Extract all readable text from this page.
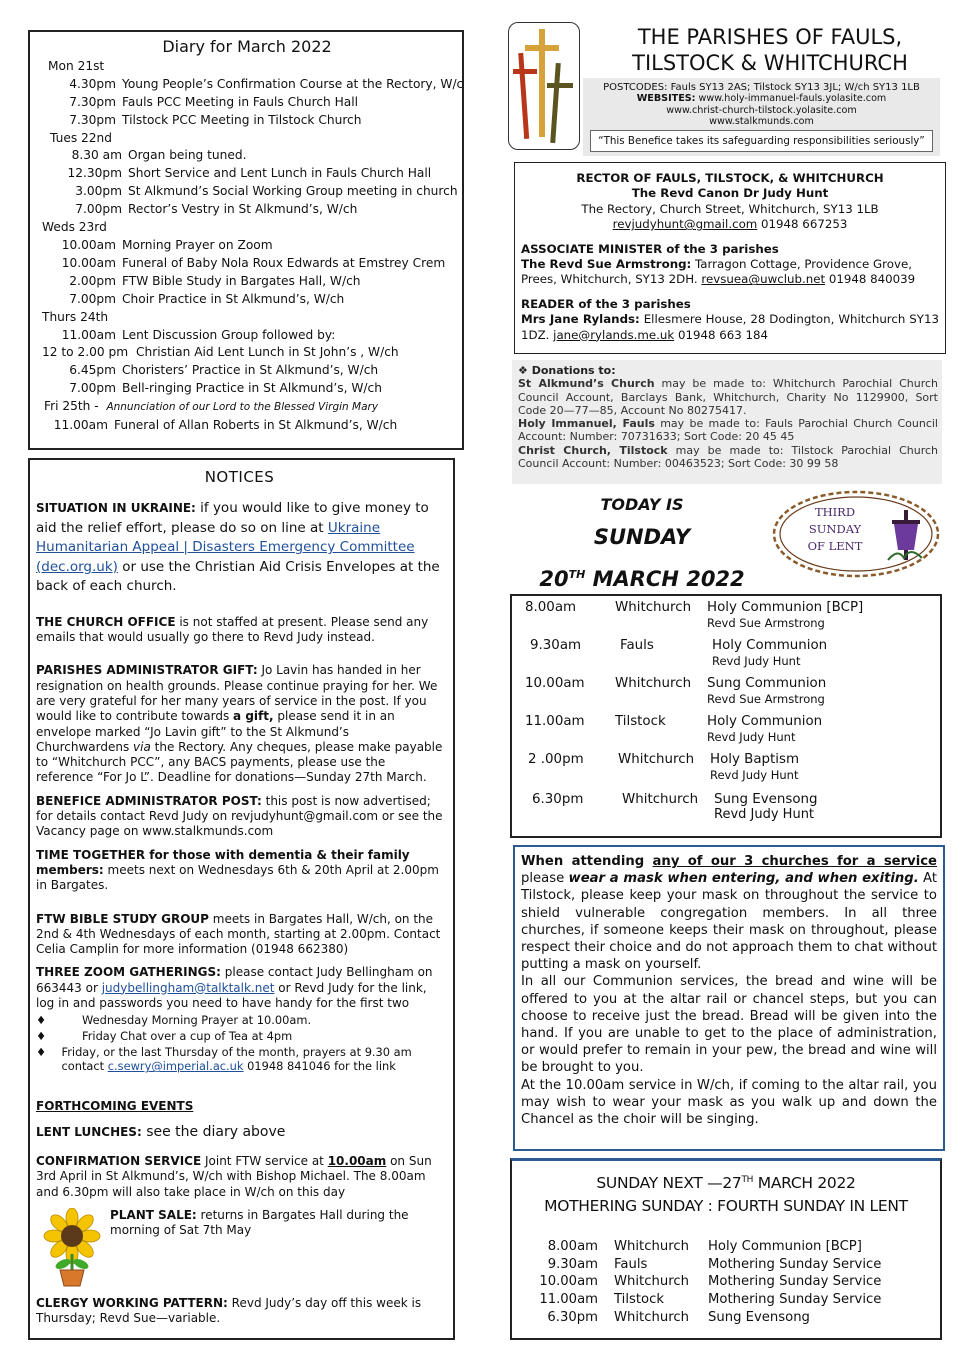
Diary for March 2022
Mon 21st
4.30pm Young People’s Confirmation Course at the Rectory, W/c
7.30pm Fauls PCC Meeting in Fauls Church Hall
7.30pm Tilstock PCC Meeting in Tilstock Church
Tues 22nd
8.30 am Organ being tuned.
12.30pm Short Service and Lent Lunch in Fauls Church Hall
3.00pm St Alkmund’s Social Working Group meeting in church
7.00pm Rector’s Vestry in St Alkmund’s, W/ch
Weds 23rd
10.00am Morning Prayer on Zoom
10.00am Funeral of Baby Nola Roux Edwards at Emstrey Crem
2.00pm FTW Bible Study in Bargates Hall, W/ch
7.00pm Choir Practice in St Alkmund’s, W/ch
Thurs 24th
11.00am Lent Discussion Group followed by:
12 to 2.00 pm Christian Aid Lent Lunch in St John’s , W/ch
6.45pm Choristers’ Practice in St Alkmund’s, W/ch
7.00pm Bell-ringing Practice in St Alkmund’s, W/ch
Fri 25th - Annunciation of our Lord to the Blessed Virgin Mary
11.00am Funeral of Allan Roberts in St Alkmund’s, W/ch
NOTICES

SITUATION IN UKRAINE: if you would like to give money to aid the relief effort, please do so on line at Ukraine Humanitarian Appeal | Disasters Emergency Committee (dec.org.uk) or use the Christian Aid Crisis Envelopes at the back of each church.

THE CHURCH OFFICE is not staffed at present. Please send any emails that would usually go there to Revd Judy instead.

PARISHES ADMINISTRATOR GIFT: Jo Lavin has handed in her resignation on health grounds. Please continue praying for her. We are very grateful for her many years of service in the post. If you would like to contribute towards a gift, please send it in an envelope marked “Jo Lavin gift” to the St Alkmund’s Churchwardens via the Rectory. Any cheques, please make payable to “Whitchurch PCC”, any BACS payments, please use the reference “For Jo L”. Deadline for donations—Sunday 27th March.

BENEFICE ADMINISTRATOR POST: this post is now advertised; for details contact Revd Judy on revjudyhunt@gmail.com or see the Vacancy page on www.stalkmunds.com

TIME TOGETHER for those with dementia & their family members: meets next on Wednesdays 6th & 20th April at 2.00pm in Bargates.

FTW BIBLE STUDY GROUP meets in Bargates Hall, W/ch, on the 2nd & 4th Wednesdays of each month, starting at 2.00pm. Contact Celia Camplin for more information (01948 662380)

THREE ZOOM GATHERINGS: please contact Judy Bellingham on 663443 or judybellingham@talktalk.net or Revd Judy for the link, log in and passwords you need to have handy for the first two
♦	Wednesday Morning Prayer at 10.00am.
♦	Friday Chat over a cup of Tea at 4pm
♦	Friday, or the last Thursday of the month, prayers at 9.30 am contact c.sewry@imperial.ac.uk 01948 841046 for the link

FORTHCOMING EVENTS

LENT LUNCHES: see the diary above

CONFIRMATION SERVICE Joint FTW service at 10.00am on Sun 3rd April in St Alkmund’s, W/ch with Bishop Michael. The 8.00am and 6.30pm will also take place in W/ch on this day

PLANT SALE: returns in Bargates Hall during the morning of Sat 7th May

CLERGY WORKING PATTERN: Revd Judy’s day off this week is Thursday; Revd Sue—variable.

THE PARISHES OF FAULS,
TILSTOCK & WHITCHURCH
POSTCODES: Fauls SY13 2AS; Tilstock SY13 3JL; W/ch SY13 1LB
WEBSITES: www.holy-immanuel-fauls.yolasite.com
www.christ-church-tilstock.yolasite.com
www.stalkmunds.com
“This Benefice takes its safeguarding responsibilities seriously”
RECTOR OF FAULS, TILSTOCK, & WHITCHURCH
The Revd Canon Dr Judy Hunt
The Rectory, Church Street, Whitchurch, SY13 1LB
revjudyhunt@gmail.com 01948 667253
ASSOCIATE MINISTER of the 3 parishes
The Revd Sue Armstrong: Tarragon Cottage, Providence Grove, Prees, Whitchurch, SY13 2DH. revsuea@uwclub.net 01948 840039
READER of the 3 parishes
Mrs Jane Rylands: Ellesmere House, 28 Dodington, Whitchurch SY13 1DZ. jane@rylands.me.uk 01948 663 184
❖ Donations to:
St Alkmund’s Church may be made to: Whitchurch Parochial Church Council Account, Barclays Bank, Whitchurch, Charity No 1129900, Sort Code 20—77—85, Account No 80275417.
Holy Immanuel, Fauls may be made to: Fauls Parochial Church Council Account: Number: 70731633; Sort Code: 20 45 45
Christ Church, Tilstock may be made to: Tilstock Parochial Church Council Account: Number: 00463523; Sort Code: 30 99 58
TODAY IS
SUNDAY
20TH MARCH 2022
THIRD
SUNDAY
OF LENT
8.00am	Whitchurch	Holy Communion [BCP]
Revd Sue Armstrong
9.30am	Fauls	Holy Communion
Revd Judy Hunt
10.00am	Whitchurch	Sung Communion
Revd Sue Armstrong
11.00am	Tilstock	Holy Communion
Revd Judy Hunt
2 .00pm	Whitchurch	Holy Baptism
Revd Judy Hunt
6.30pm	Whitchurch	Sung Evensong
Revd Judy Hunt
When attending any of our 3 churches for a service please wear a mask when entering, and when exiting. At Tilstock, please keep your mask on throughout the service to shield vulnerable congregation members. In all three churches, if someone keeps their mask on throughout, please respect their choice and do not approach them to chat without putting a mask on yourself.
In all our Communion services, the bread and wine will be offered to you at the altar rail or chancel steps, but you can choose to receive just the bread. Bread will be given into the hand. If you are unable to get to the place of administration, or would prefer to remain in your pew, the bread and wine will be brought to you.
At the 10.00am service in W/ch, if coming to the altar rail, you may wish to wear your mask as you walk up and down the Chancel as the choir will be singing.
SUNDAY NEXT —27TH MARCH 2022
MOTHERING SUNDAY : FOURTH SUNDAY IN LENT
8.00am	Whitchurch	Holy Communion [BCP]
9.30am	Fauls	Mothering Sunday Service
10.00am	Whitchurch	Mothering Sunday Service
11.00am	Tilstock	Mothering Sunday Service
6.30pm	Whitchurch	Sung Evensong
